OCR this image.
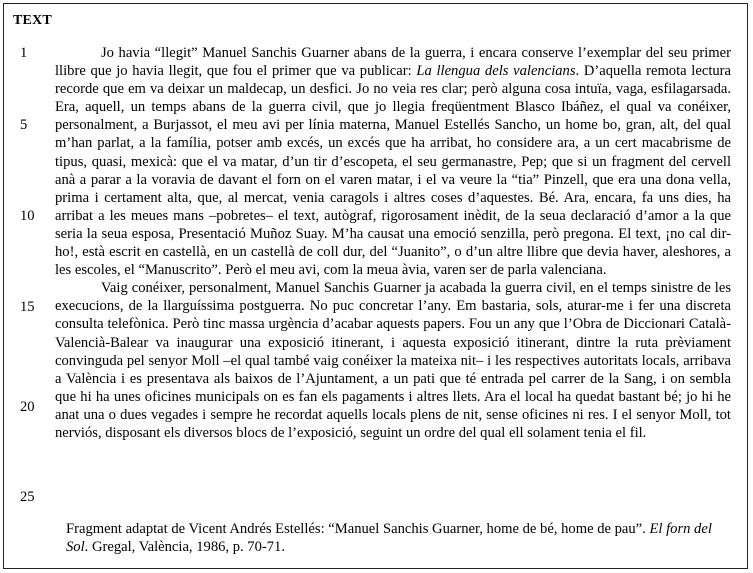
TEXT
1
5
10
15
20
25

Jo havia “llegit” Manuel Sanchis Guarner abans de la guerra, i encara conserve l’exemplar del seu primer llibre que jo havia llegit, que fou el primer que va publicar: La llengua dels valencians. D’aquella remota lectura recorde que em va deixar un maldecap, un desfici. Jo no veia res clar; però alguna cosa intuïa, vaga, esfilagarsada. Era, aquell, un temps abans de la guerra civil, que jo llegia freqüentment Blasco Ibáñez, el qual va conéixer, personalment, a Burjassot, el meu avi per línia materna, Manuel Estellés Sancho, un home bo, gran, alt, del qual m’han parlat, a la família, potser amb excés, un excés que ha arribat, ho considere ara, a un cert macabrisme de tipus, quasi, mexicà: que el va matar, d’un tir d’escopeta, el seu germanastre, Pep; que si un fragment del cervell anà a parar a la voravia de davant el forn on el varen matar, i el va veure la “tia” Pinzell, que era una dona vella, prima i certament alta, que, al mercat, venia caragols i altres coses d’aquestes. Bé. Ara, encara, fa uns dies, ha arribat a les meues mans –pobretes– el text, autògraf, rigorosament inèdit, de la seua declaració d’amor a la que seria la seua esposa, Presentació Muñoz Suay. M’ha causat una emoció senzilla, però pregona. El text, ¡no cal dir-ho!, està escrit en castellà, en un castellà de coll dur, del “Juanito”, o d’un altre llibre que devia haver, aleshores, a les escoles, el “Manuscrito”. Però el meu avi, com la meua àvia, varen ser de parla valenciana.

Vaig conéixer, personalment, Manuel Sanchis Guarner ja acabada la guerra civil, en el temps sinistre de les execucions, de la llarguíssima postguerra. No puc concretar l’any. Em bastaria, sols, aturar-me i fer una discreta consulta telefònica. Però tinc massa urgència d’acabar aquests papers. Fou un any que l’Obra de Diccionari Català-Valencià-Balear va inaugurar una exposició itinerant, i aquesta exposició itinerant, dintre la ruta prèviament convinguda pel senyor Moll –el qual també vaig conéixer la mateixa nit– i les respectives autoritats locals, arribava a València i es presentava als baixos de l’Ajuntament, a un pati que té entrada pel carrer de la Sang, i on sembla que hi ha unes oficines municipals on es fan els pagaments i altres llets. Ara el local ha quedat bastant bé; jo hi he anat una o dues vegades i sempre he recordat aquells locals plens de nit, sense oficines ni res. I el senyor Moll, tot nerviós, disposant els diversos blocs de l’exposició, seguint un ordre del qual ell solament tenia el fil.

Fragment adaptat de Vicent Andrés Estellés: “Manuel Sanchis Guarner, home de bé, home de pau”. El forn del Sol. Gregal, València, 1986, p. 70-71.
